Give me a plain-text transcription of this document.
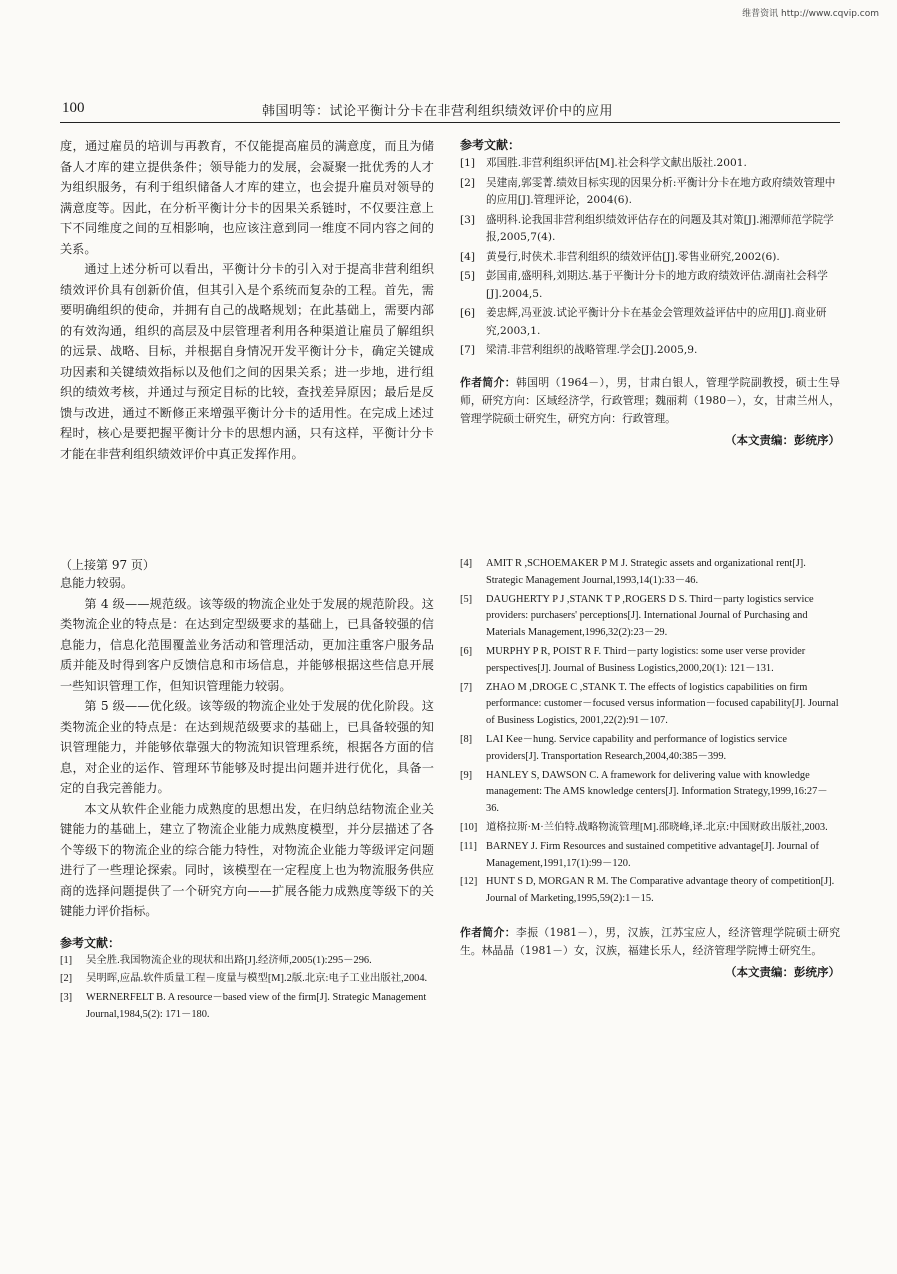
维普资讯 http://www.cqvip.com
100	韩国明等：试论平衡计分卡在非营利组织绩效评价中的应用

度，通过雇员的培训与再教育，不仅能提高雇员的满意度，而且为储备人才库的建立提供条件；领导能力的发展，会凝聚一批优秀的人才为组织服务，有利于组织储备人才库的建立，也会提升雇员对领导的满意度等。因此，在分析平衡计分卡的因果关系链时，不仅要注意上下不同维度之间的互相影响，也应该注意到同一维度不同内容之间的关系。

通过上述分析可以看出，平衡计分卡的引入对于提高非营利组织绩效评价具有创新价值，但其引入是个系统而复杂的工程。首先，需要明确组织的使命，并拥有自己的战略规划；在此基础上，需要内部的有效沟通，组织的高层及中层管理者利用各种渠道让雇员了解组织的远景、战略、目标，并根据自身情况开发平衡计分卡，确定关键成功因素和关键绩效指标以及他们之间的因果关系；进一步地，进行组织的绩效考核，并通过与预定目标的比较，查找差异原因；最后是反馈与改进，通过不断修正来增强平衡计分卡的适用性。在完成上述过程时，核心是要把握平衡计分卡的思想内涵，只有这样，平衡计分卡才能在非营利组织绩效评价中真正发挥作用。

参考文献：
[1]	邓国胜.非营利组织评估[M].社会科学文献出版社.2001.
[2]	吴建南,郭雯菁.绩效目标实现的因果分析:平衡计分卡在地方政府绩效管理中的应用[J].管理评论，2004(6).
[3]	盛明科.论我国非营利组织绩效评估存在的问题及其对策[J].湘潭师范学院学报,2005,7(4).
[4]	黄曼行,时侠术.非营利组织的绩效评估[J].零售业研究,2002(6).
[5]	彭国甫,盛明科,刘期达.基于平衡计分卡的地方政府绩效评估.湖南社会科学[J].2004,5.
[6]	姜忠辉,冯亚波.试论平衡计分卡在基金会管理效益评估中的应用[J].商业研究,2003,1.
[7]	梁清.非营利组织的战略管理.学会[J].2005,9.
作者简介：韩国明（1964－），男，甘肃白银人，管理学院副教授，硕士生导师，研究方向：区域经济学，行政管理；魏丽莉（1980－），女，甘肃兰州人，管理学院硕士研究生，研究方向：行政管理。
（本文责编：彭统序）
（上接第 97 页）

息能力较弱。

第 4 级——规范级。该等级的物流企业处于发展的规范阶段。这类物流企业的特点是：在达到定型级要求的基础上，已具备较强的信息能力，信息化范围覆盖业务活动和管理活动，更加注重客户服务品质并能及时得到客户反馈信息和市场信息，并能够根据这些信息开展一些知识管理工作，但知识管理能力较弱。

第 5 级——优化级。该等级的物流企业处于发展的优化阶段。这类物流企业的特点是：在达到规范级要求的基础上，已具备较强的知识管理能力，并能够依靠强大的物流知识管理系统，根据各方面的信息，对企业的运作、管理环节能够及时提出问题并进行优化，具备一定的自我完善能力。

本文从软件企业能力成熟度的思想出发，在归纳总结物流企业关键能力的基础上，建立了物流企业能力成熟度模型，并分层描述了各个等级下的物流企业的综合能力特性，对物流企业能力等级评定问题进行了一些理论探索。同时，该模型在一定程度上也为物流服务供应商的选择问题提供了一个研究方向——扩展各能力成熟度等级下的关键能力评价指标。

参考文献：
[1]	吴全胜.我国物流企业的现状和出路[J].经济师,2005(1):295－296.
[2]	吴明晖,应晶.软件质量工程－度量与模型[M].2版.北京:电子工业出版社,2004.
[3]	WERNERFELT B. A resource－based view of the firm[J]. Strategic Management Journal,1984,5(2): 171－180.
[4]	AMIT R ,SCHOEMAKER P M J. Strategic assets and organizational rent[J]. Strategic Management Journal,1993,14(1):33－46.
[5]	DAUGHERTY P J ,STANK T P ,ROGERS D S. Third－party logistics service providers: purchasers' perceptions[J]. International Journal of Purchasing and Materials Management,1996,32(2):23－29.
[6]	MURPHY P R, POIST R F. Third－party logistics: some user verse provider perspectives[J]. Journal of Business Logistics,2000,20(1): 121－131.
[7]	ZHAO M ,DROGE C ,STANK T. The effects of logistics capabilities on firm performance: customer－focused versus information－focused capability[J]. Journal of Business Logistics, 2001,22(2):91－107.
[8]	LAI Kee－hung. Service capability and performance of logistics service providers[J]. Transportation Research,2004,40:385－399.
[9]	HANLEY S, DAWSON C. A framework for delivering value with knowledge management: The AMS knowledge centers[J]. Information Strategy,1999,16:27－36.
[10] 道格拉斯·M·兰伯特.战略物流管理[M].邵晓峰,译.北京:中国财政出版社,2003.
[11] BARNEY J. Firm Resources and sustained competitive advantage[J]. Journal of Management,1991,17(1):99－120.
[12] HUNT S D, MORGAN R M. The Comparative advantage theory of competition[J]. Journal of Marketing,1995,59(2):1－15.
作者简介：李振（1981－），男，汉族，江苏宝应人，经济管理学院硕士研究生。林晶晶（1981－）女，汉族，福建长乐人，经济管理学院博士研究生。
（本文责编：彭统序）
